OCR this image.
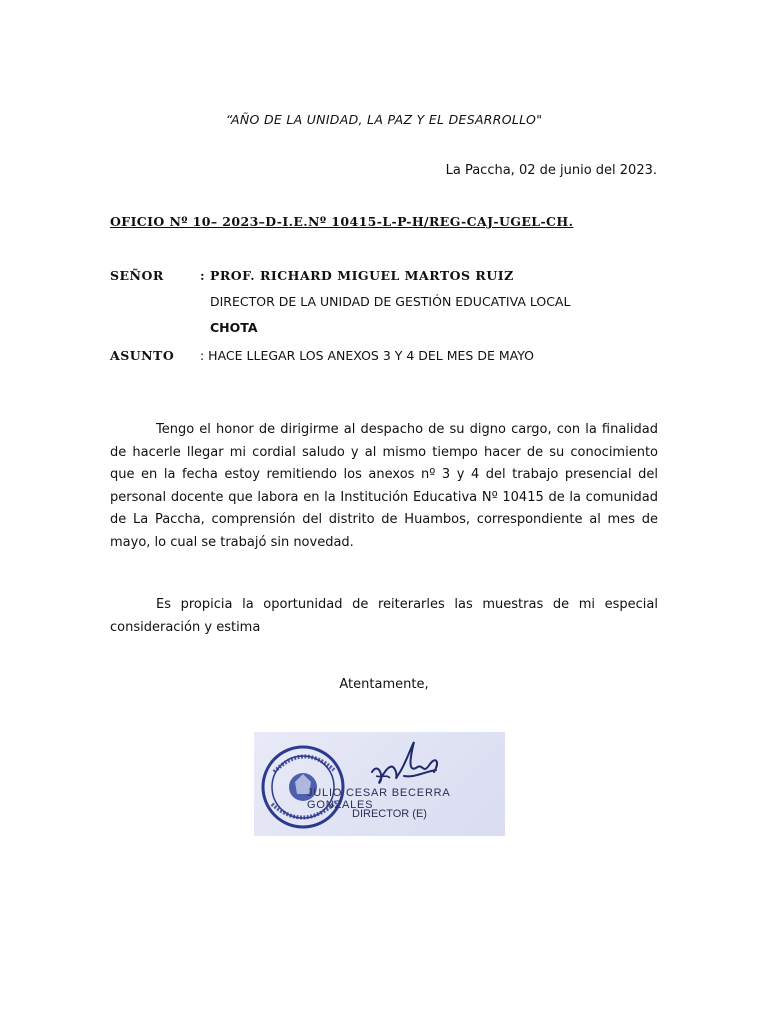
“AÑO DE LA UNIDAD, LA PAZ Y EL DESARROLLO"
La Paccha, 02 de junio del 2023.
OFICIO Nº 10– 2023–D-I.E.Nº 10415-L-P-H/REG-CAJ-UGEL-CH.
SEÑOR	: PROF. RICHARD MIGUEL MARTOS RUIZ
DIRECTOR DE LA UNIDAD DE GESTIÓN EDUCATIVA LOCAL
CHOTA
ASUNTO : HACE LLEGAR LOS ANEXOS 3 Y 4 DEL MES DE MAYO
Tengo el honor de dirigirme al despacho de su digno cargo, con la finalidad de hacerle llegar mi cordial saludo y al mismo tiempo hacer de su conocimiento que en la fecha estoy remitiendo los anexos nº 3 y 4 del trabajo presencial del personal docente que labora en la Institución Educativa Nº 10415 de la comunidad de La Paccha, comprensión del distrito de Huambos, correspondiente al mes de mayo, lo cual se trabajó sin novedad.
Es propicia la oportunidad de reiterarles las muestras de mi especial consideración y estima
Atentamente,
JULIO CESAR BECERRA GONZALES
DIRECTOR (E)
